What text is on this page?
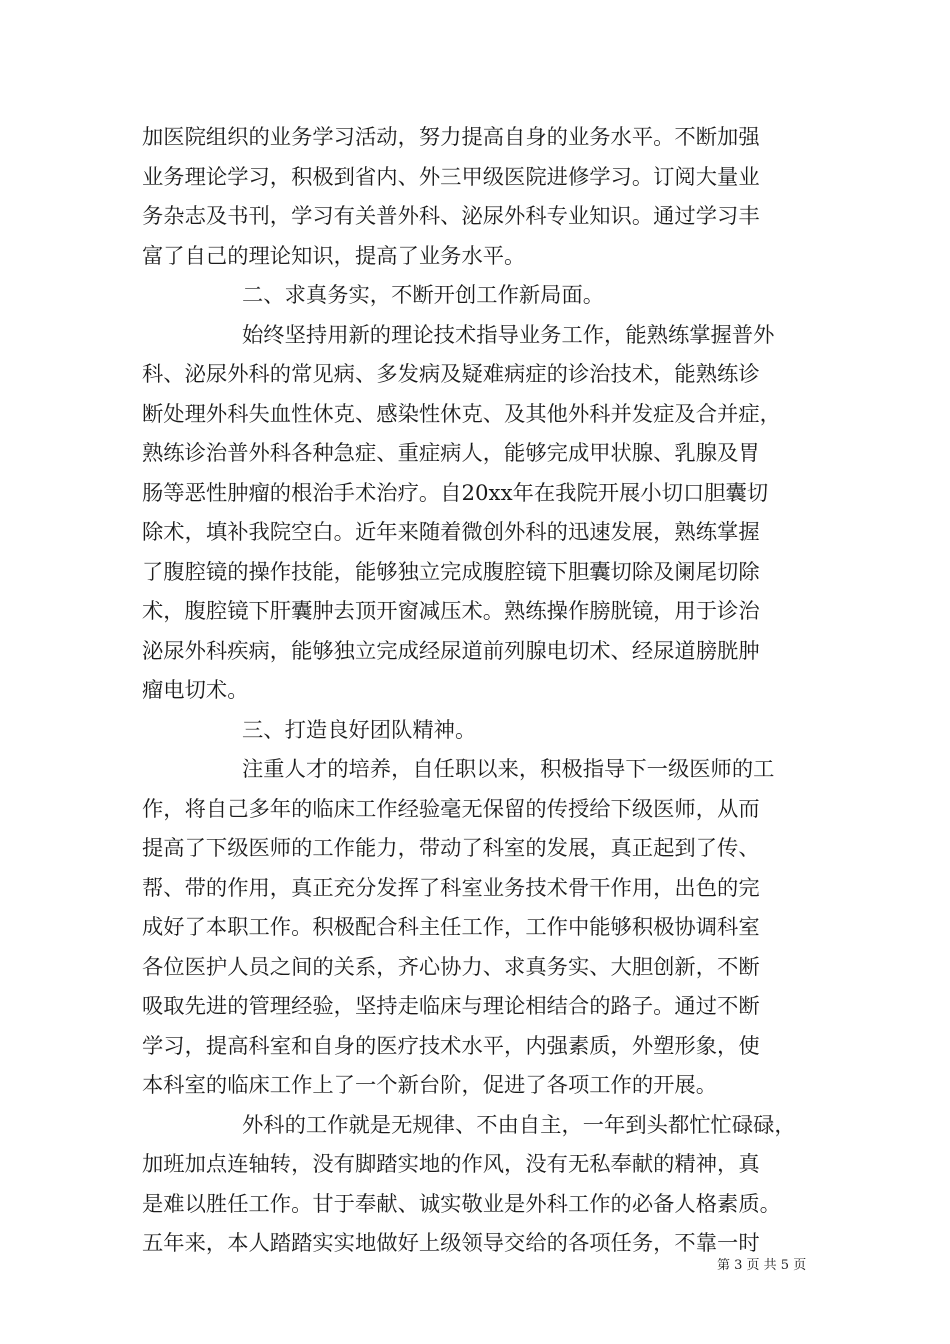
加医院组织的业务学习活动，努力提高自身的业务水平。不断加强
业务理论学习，积极到省内、外三甲级医院进修学习。订阅大量业
务杂志及书刊，学习有关普外科、泌尿外科专业知识。通过学习丰
富了自己的理论知识，提高了业务水平。
二、求真务实，不断开创工作新局面。
始终坚持用新的理论技术指导业务工作，能熟练掌握普外
科、泌尿外科的常见病、多发病及疑难病症的诊治技术，能熟练诊
断处理外科失血性休克、感染性休克、及其他外科并发症及合并症，
熟练诊治普外科各种急症、重症病人，能够完成甲状腺、乳腺及胃
肠等恶性肿瘤的根治手术治疗。自20xx年在我院开展小切口胆囊切
除术，填补我院空白。近年来随着微创外科的迅速发展，熟练掌握
了腹腔镜的操作技能，能够独立完成腹腔镜下胆囊切除及阑尾切除
术，腹腔镜下肝囊肿去顶开窗减压术。熟练操作膀胱镜，用于诊治
泌尿外科疾病，能够独立完成经尿道前列腺电切术、经尿道膀胱肿
瘤电切术。
三、打造良好团队精神。
注重人才的培养，自任职以来，积极指导下一级医师的工
作，将自己多年的临床工作经验毫无保留的传授给下级医师，从而
提高了下级医师的工作能力，带动了科室的发展，真正起到了传、
帮、带的作用，真正充分发挥了科室业务技术骨干作用，出色的完
成好了本职工作。积极配合科主任工作，工作中能够积极协调科室
各位医护人员之间的关系，齐心协力、求真务实、大胆创新，不断
吸取先进的管理经验，坚持走临床与理论相结合的路子。通过不断
学习，提高科室和自身的医疗技术水平，内强素质，外塑形象，使
本科室的临床工作上了一个新台阶，促进了各项工作的开展。
外科的工作就是无规律、不由自主，一年到头都忙忙碌碌，
加班加点连轴转，没有脚踏实地的作风，没有无私奉献的精神，真
是难以胜任工作。甘于奉献、诚实敬业是外科工作的必备人格素质。
五年来，本人踏踏实实地做好上级领导交给的各项任务，不靠一时
第 3 页 共 5 页
